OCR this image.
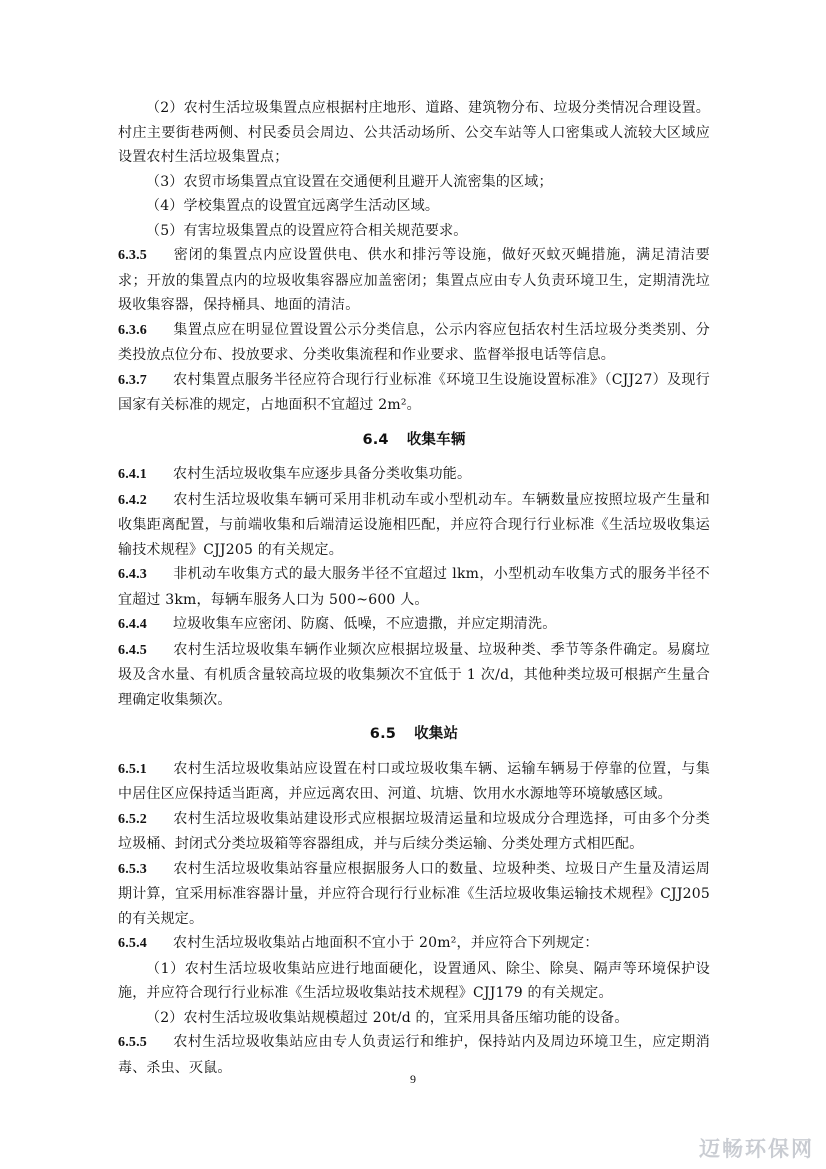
（2）农村生活垃圾集置点应根据村庄地形、道路、建筑物分布、垃圾分类情况合理设置。村庄主要街巷两侧、村民委员会周边、公共活动场所、公交车站等人口密集或人流较大区域应设置农村生活垃圾集置点；

（3）农贸市场集置点宜设置在交通便利且避开人流密集的区域；

（4）学校集置点的设置宜远离学生活动区域。

（5）有害垃圾集置点的设置应符合相关规范要求。

6.3.5 密闭的集置点内应设置供电、供水和排污等设施，做好灭蚊灭蝇措施，满足清洁要求；开放的集置点内的垃圾收集容器应加盖密闭；集置点应由专人负责环境卫生，定期清洗垃圾收集容器，保持桶具、地面的清洁。

6.3.6 集置点应在明显位置设置公示分类信息，公示内容应包括农村生活垃圾分类类别、分类投放点位分布、投放要求、分类收集流程和作业要求、监督举报电话等信息。

6.3.7 农村集置点服务半径应符合现行行业标准《环境卫生设施设置标准》（CJJ27）及现行国家有关标准的规定，占地面积不宜超过 2m²。

6.4 收集车辆

6.4.1 农村生活垃圾收集车应逐步具备分类收集功能。

6.4.2 农村生活垃圾收集车辆可采用非机动车或小型机动车。车辆数量应按照垃圾产生量和收集距离配置，与前端收集和后端清运设施相匹配，并应符合现行行业标准《生活垃圾收集运输技术规程》CJJ205 的有关规定。

6.4.3 非机动车收集方式的最大服务半径不宜超过 lkm，小型机动车收集方式的服务半径不宜超过 3km，每辆车服务人口为 500~600 人。

6.4.4 垃圾收集车应密闭、防腐、低噪，不应遗撒，并应定期清洗。

6.4.5 农村生活垃圾收集车辆作业频次应根据垃圾量、垃圾种类、季节等条件确定。易腐垃圾及含水量、有机质含量较高垃圾的收集频次不宜低于 1 次/d，其他种类垃圾可根据产生量合理确定收集频次。

6.5 收集站

6.5.1 农村生活垃圾收集站应设置在村口或垃圾收集车辆、运输车辆易于停靠的位置，与集中居住区应保持适当距离，并应远离农田、河道、坑塘、饮用水水源地等环境敏感区域。

6.5.2 农村生活垃圾收集站建设形式应根据垃圾清运量和垃圾成分合理选择，可由多个分类垃圾桶、封闭式分类垃圾箱等容器组成，并与后续分类运输、分类处理方式相匹配。

6.5.3 农村生活垃圾收集站容量应根据服务人口的数量、垃圾种类、垃圾日产生量及清运周期计算，宜采用标准容器计量，并应符合现行行业标准《生活垃圾收集运输技术规程》CJJ205 的有关规定。

6.5.4 农村生活垃圾收集站占地面积不宜小于 20m²，并应符合下列规定：

（1）农村生活垃圾收集站应进行地面硬化，设置通风、除尘、除臭、隔声等环境保护设施，并应符合现行行业标准《生活垃圾收集站技术规程》CJJ179 的有关规定。

（2）农村生活垃圾收集站规模超过 20t/d 的，宜采用具备压缩功能的设备。

6.5.5 农村生活垃圾收集站应由专人负责运行和维护，保持站内及周边环境卫生，应定期消毒、杀虫、灭鼠。

9
迈畅环保网
